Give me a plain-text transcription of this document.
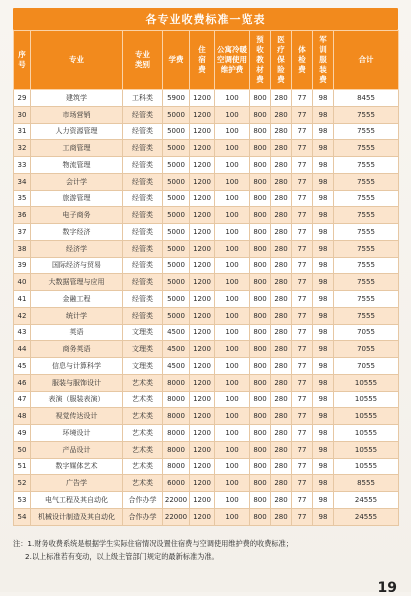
各专业收费标准一览表
序号	专业	专业类别	学费	住宿费	公寓冷暖空调使用维护费	预收教材费	医疗保险费	体检费	军训服装费	合计
29	建筑学	工科类	5900	1200	100	800	280	77	98	8455
30	市场营销	经管类	5000	1200	100	800	280	77	98	7555
31	人力资源管理	经管类	5000	1200	100	800	280	77	98	7555
32	工商管理	经管类	5000	1200	100	800	280	77	98	7555
33	物流管理	经管类	5000	1200	100	800	280	77	98	7555
34	会计学	经管类	5000	1200	100	800	280	77	98	7555
35	旅游管理	经管类	5000	1200	100	800	280	77	98	7555
36	电子商务	经管类	5000	1200	100	800	280	77	98	7555
37	数字经济	经管类	5000	1200	100	800	280	77	98	7555
38	经济学	经管类	5000	1200	100	800	280	77	98	7555
39	国际经济与贸易	经管类	5000	1200	100	800	280	77	98	7555
40	大数据管理与应用	经管类	5000	1200	100	800	280	77	98	7555
41	金融工程	经管类	5000	1200	100	800	280	77	98	7555
42	统计学	经管类	5000	1200	100	800	280	77	98	7555
43	英语	文理类	4500	1200	100	800	280	77	98	7055
44	商务英语	文理类	4500	1200	100	800	280	77	98	7055
45	信息与计算科学	文理类	4500	1200	100	800	280	77	98	7055
46	服装与服饰设计	艺术类	8000	1200	100	800	280	77	98	10555
47	表演（服装表演）	艺术类	8000	1200	100	800	280	77	98	10555
48	视觉传达设计	艺术类	8000	1200	100	800	280	77	98	10555
49	环境设计	艺术类	8000	1200	100	800	280	77	98	10555
50	产品设计	艺术类	8000	1200	100	800	280	77	98	10555
51	数字媒体艺术	艺术类	8000	1200	100	800	280	77	98	10555
52	广告学	艺术类	6000	1200	100	800	280	77	98	8555
53	电气工程及其自动化	合作办学	22000	1200	100	800	280	77	98	24555
54	机械设计制造及其自动化	合作办学	22000	1200	100	800	280	77	98	24555
注：1.财务收费系统是根据学生实际住宿情况设置住宿费与空调使用维护费的收费标准；
2.以上标准若有变动，以上级主管部门规定的最新标准为准。
19
